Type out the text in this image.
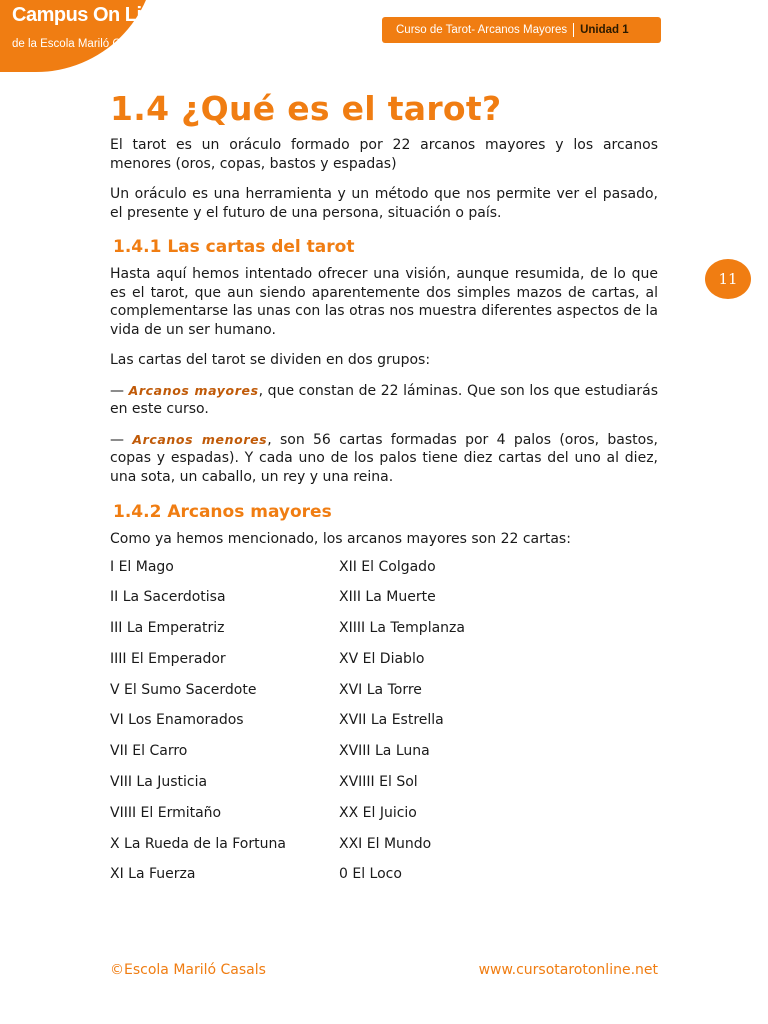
Campus On Line
de la Escola Mariló Casals
Curso de Tarot- Arcanos Mayores Unidad 1
11
1.4 ¿Qué es el tarot?

El tarot es un oráculo formado por 22 arcanos mayores y los arcanos menores (oros, copas, bastos y espadas)

Un oráculo es una herramienta y un método que nos permite ver el pasado, el presente y el futuro de una persona, situación o país.

1.4.1 Las cartas del tarot

Hasta aquí hemos intentado ofrecer una visión, aunque resumida, de lo que es el tarot, que aun siendo aparentemente dos simples mazos de cartas, al complementarse las unas con las otras nos muestra diferentes aspectos de la vida de un ser humano.

Las cartas del tarot se dividen en dos grupos:

— Arcanos mayores, que constan de 22 láminas. Que son los que estudiarás en este curso.

— Arcanos menores, son 56 cartas formadas por 4 palos (oros, bastos, copas y espadas). Y cada uno de los palos tiene diez cartas del uno al diez, una sota, un caballo, un rey y una reina.

1.4.2 Arcanos mayores

Como ya hemos mencionado, los arcanos mayores son 22 cartas:

I El Mago	XII El Colgado
II La Sacerdotisa	XIII La Muerte
III La Emperatriz	XIIII La Templanza
IIII El Emperador	XV El Diablo
V El Sumo Sacerdote	XVI La Torre
VI Los Enamorados	XVII La Estrella
VII El Carro	XVIII La Luna
VIII La Justicia	XVIIII El Sol
VIIII El Ermitaño	XX El Juicio
X La Rueda de la Fortuna	XXI El Mundo
XI La Fuerza	0 El Loco
©Escola Mariló Casals	www.cursotarotonline.net
